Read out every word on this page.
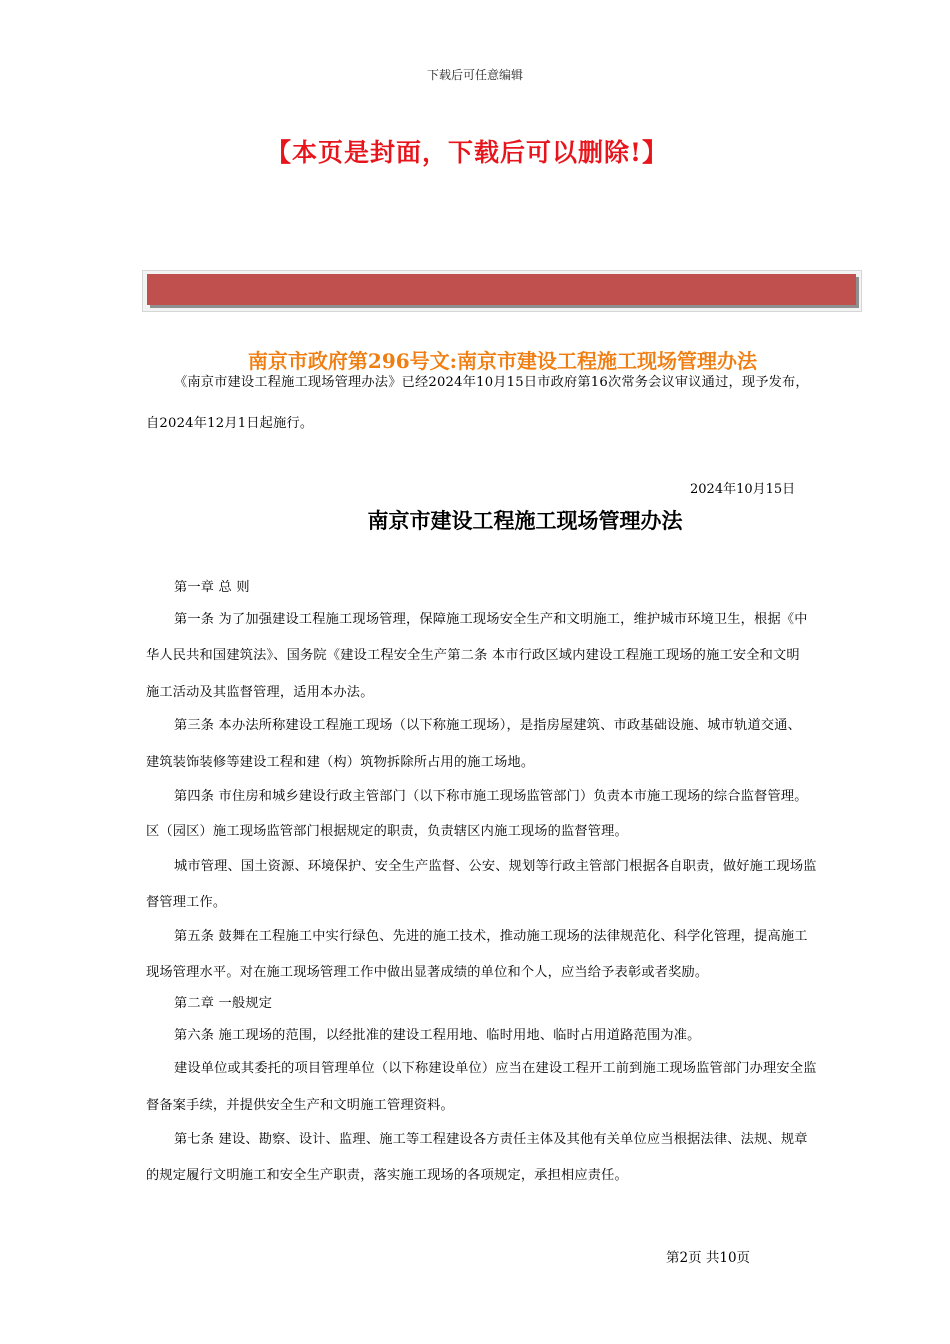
下载后可任意编辑
【本页是封面，下载后可以删除!】
南京市政府第296号文:南京市建设工程施工现场管理办法

《南京市建设工程施工现场管理办法》已经2024年10月15日市政府第16次常务会议审议通过，现予发布，

自2024年12月1日起施行。

2024年10月15日
南京市建设工程施工现场管理办法

第一章 总 则

第一条 为了加强建设工程施工现场管理，保障施工现场安全生产和文明施工，维护城市环境卫生，根据《中

华人民共和国建筑法》、国务院《建设工程安全生产第二条 本市行政区域内建设工程施工现场的施工安全和文明

施工活动及其监督管理，适用本办法。

第三条 本办法所称建设工程施工现场（以下称施工现场），是指房屋建筑、市政基础设施、城市轨道交通、

建筑装饰装修等建设工程和建（构）筑物拆除所占用的施工场地。

第四条 市住房和城乡建设行政主管部门（以下称市施工现场监管部门）负责本市施工现场的综合监督管理。

区（园区）施工现场监管部门根据规定的职责，负责辖区内施工现场的监督管理。

城市管理、国土资源、环境保护、安全生产监督、公安、规划等行政主管部门根据各自职责，做好施工现场监

督管理工作。

第五条 鼓舞在工程施工中实行绿色、先进的施工技术，推动施工现场的法律规范化、科学化管理，提高施工

现场管理水平。对在施工现场管理工作中做出显著成绩的单位和个人，应当给予表彰或者奖励。

第二章 一般规定

第六条 施工现场的范围，以经批准的建设工程用地、临时用地、临时占用道路范围为准。

建设单位或其委托的项目管理单位（以下称建设单位）应当在建设工程开工前到施工现场监管部门办理安全监

督备案手续，并提供安全生产和文明施工管理资料。

第七条 建设、勘察、设计、监理、施工等工程建设各方责任主体及其他有关单位应当根据法律、法规、规章

的规定履行文明施工和安全生产职责，落实施工现场的各项规定，承担相应责任。

第2页 共10页
